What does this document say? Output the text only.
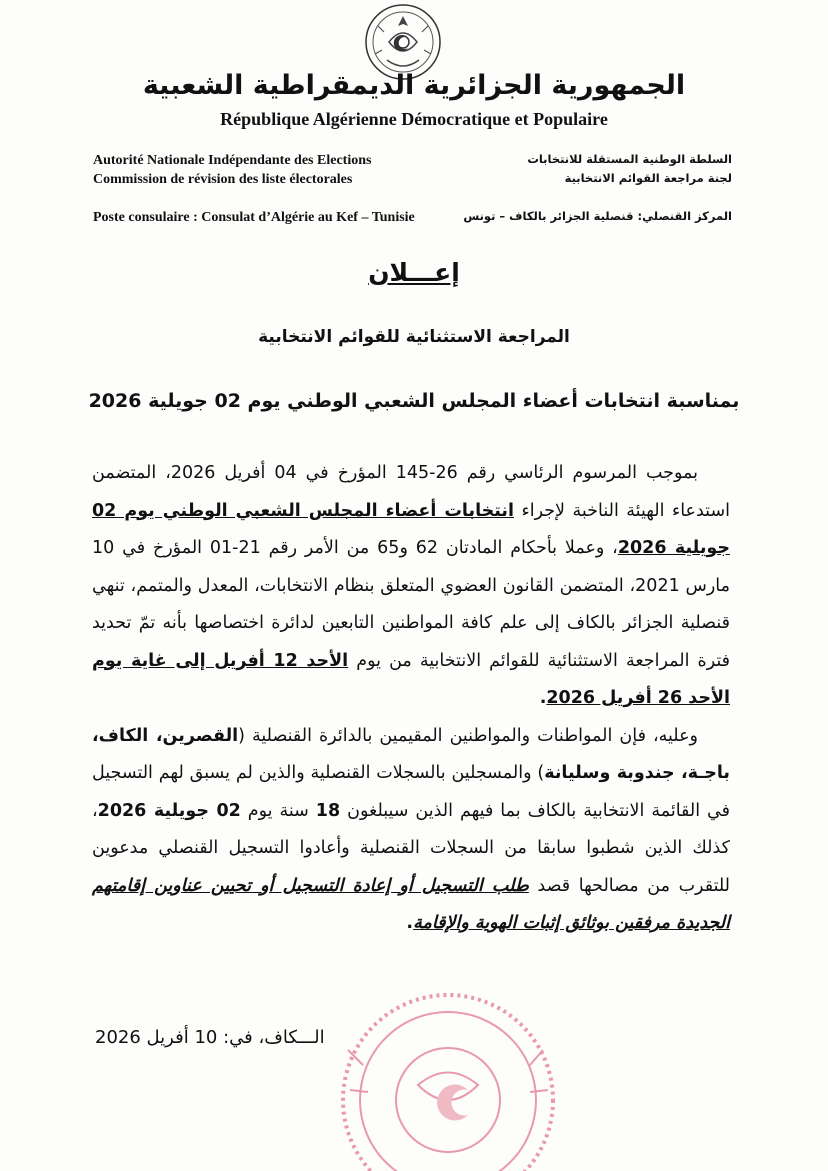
الجمهورية الجزائرية الديمقراطية الشعبية
République Algérienne Démocratique et Populaire
Autorité Nationale Indépendante des Elections
Commission de révision des liste électorales
السلطة الوطنية المستقلة للانتخابات
لجنة مراجعة القوائم الانتخابية
Poste consulaire : Consulat d’Algérie au Kef – Tunisie	المركز القنصلي: قنصلية الجزائر بالكاف – تونس
إعـــلان
المراجعة الاستثنائية للقوائم الانتخابية
بمناسبة انتخابات أعضاء المجلس الشعبي الوطني يوم 02 جويلية 2026

بموجب المرسوم الرئاسي رقم 26-145 المؤرخ في 04 أفريل 2026، المتضمن استدعاء الهيئة الناخبة لإجراء انتخابات أعضاء المجلس الشعبي الوطني يوم 02 جويلية 2026، وعملا بأحكام المادتان 62 و65 من الأمر رقم 21-01 المؤرخ في 10 مارس 2021، المتضمن القانون العضوي المتعلق بنظام الانتخابات، المعدل والمتمم، تنهي قنصلية الجزائر بالكاف إلى علم كافة المواطنين التابعين لدائرة اختصاصها بأنه تمّ تحديد فترة المراجعة الاستثنائية للقوائم الانتخابية من يوم الأحد 12 أفريل إلى غاية يوم الأحد 26 أفريل 2026.

وعليه، فإن المواطنات والمواطنين المقيمين بالدائرة القنصلية (القصرين، الكاف، باجـة، جندوبة وسليانة) والمسجلين بالسجلات القنصلية والذين لم يسبق لهم التسجيل في القائمة الانتخابية بالكاف بما فيهم الذين سيبلغون 18 سنة يوم 02 جويلية 2026، كذلك الذين شطبوا سابقا من السجلات القنصلية وأعادوا التسجيل القنصلي مدعوين للتقرب من مصالحها قصد طلب التسجيل أو إعادة التسجيل أو تحيين عناوين إقامتهم الجديدة مرفقين بوثائق إثبات الهوية والإقامة.

الـــكاف، في: 10 أفريل 2026
